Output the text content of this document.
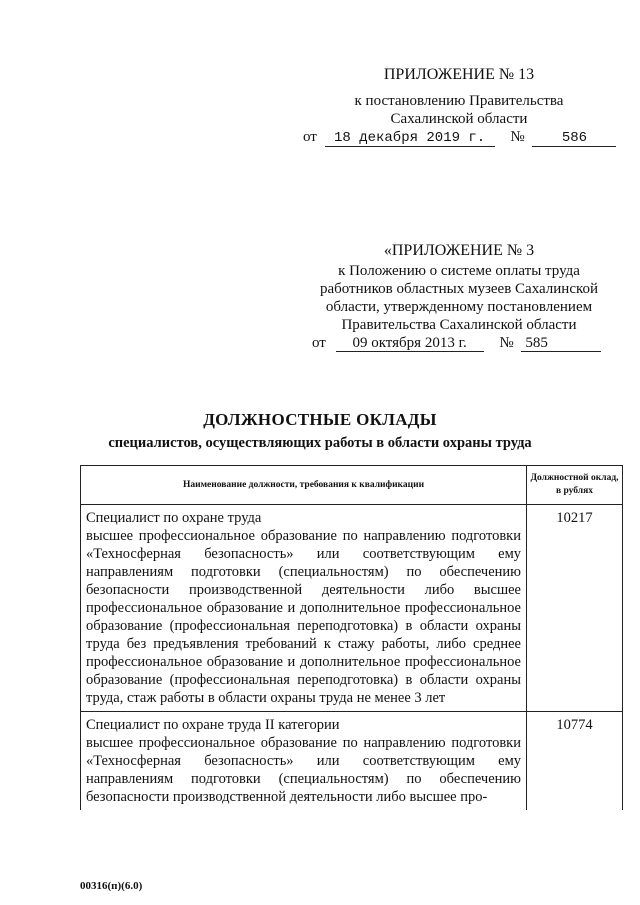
ПРИЛОЖЕНИЕ № 13
к постановлению Правительства
Сахалинской области
от 18 декабря 2019 г. №	586
«ПРИЛОЖЕНИЕ № 3
к Положению о системе оплаты труда
работников областных музеев Сахалинской
области, утвержденному постановлением
Правительства Сахалинской области
от 09 октября 2013 г. № 585
ДОЛЖНОСТНЫЕ ОКЛАДЫ
специалистов, осуществляющих работы в области охраны труда
Наименование должности, требования к квалификации	Должностной оклад, в рублях

Специалист по охране труда
высшее профессиональное образование по направлению подготовки «Техносферная безопасность» или соответствующим ему направлениям подготовки (специальностям) по обеспечению безопасности производственной деятельности либо высшее профессиональное образование и дополнительное профессиональное образование (профессиональная переподготовка) в области охраны труда без предъявления требований к стажу работы, либо среднее профессиональное образование и дополнительное профессиональное образование (профессиональная переподготовка) в области охраны труда, стаж работы в области охраны труда не менее 3 лет	10217

Специалист по охране труда II категории
высшее профессиональное образование по направлению подготовки «Техносферная безопасность» или соответствующим ему направлениям подготовки (специальностям) по обеспечению безопасности производственной деятельности либо высшее про-	10774
00316(п)(6.0)
